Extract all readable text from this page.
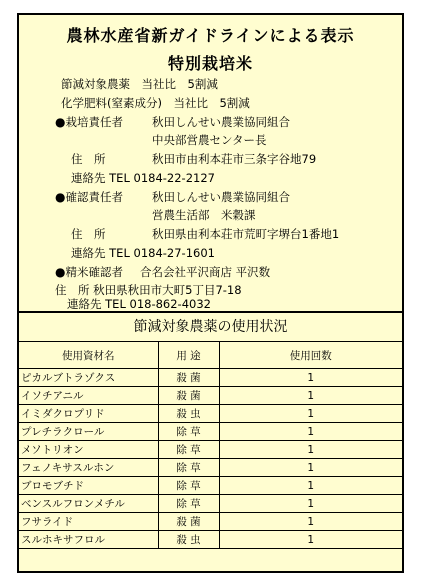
農林水産省新ガイドラインによる表示
特別栽培米
節減対象農薬　当社比　5割減
化学肥料(窒素成分)　当社比　5割減
●栽培責任者	秋田しんせい農業協同組合
中央部営農センター長
住　所	秋田市由利本荘市三条字谷地79
連絡先 TEL 0184-22-2127
●確認責任者	秋田しんせい農業協同組合
営農生活部　米穀課
住　所	秋田県由利本荘市荒町字堺台1番地1
連絡先 TEL 0184-27-1601
●精米確認者 合名会社平沢商店 平沢数
住　所 秋田県秋田市大町5丁目7-18
連絡先 TEL 018-862-4032
節減対象農薬の使用状況
使用資材名	用 途	使用回数
ピカルブトラゾクス	殺 菌	1
イソチアニル	殺 菌	1
イミダクロプリド	殺 虫	1
プレチラクロール	除 草	1
メソトリオン	除 草	1
フェノキサスルホン	除 草	1
ブロモブチド	除 草	1
ベンスルフロンメチル	除 草	1
フサライド	殺 菌	1
スルホキサフロル	殺 虫	1
